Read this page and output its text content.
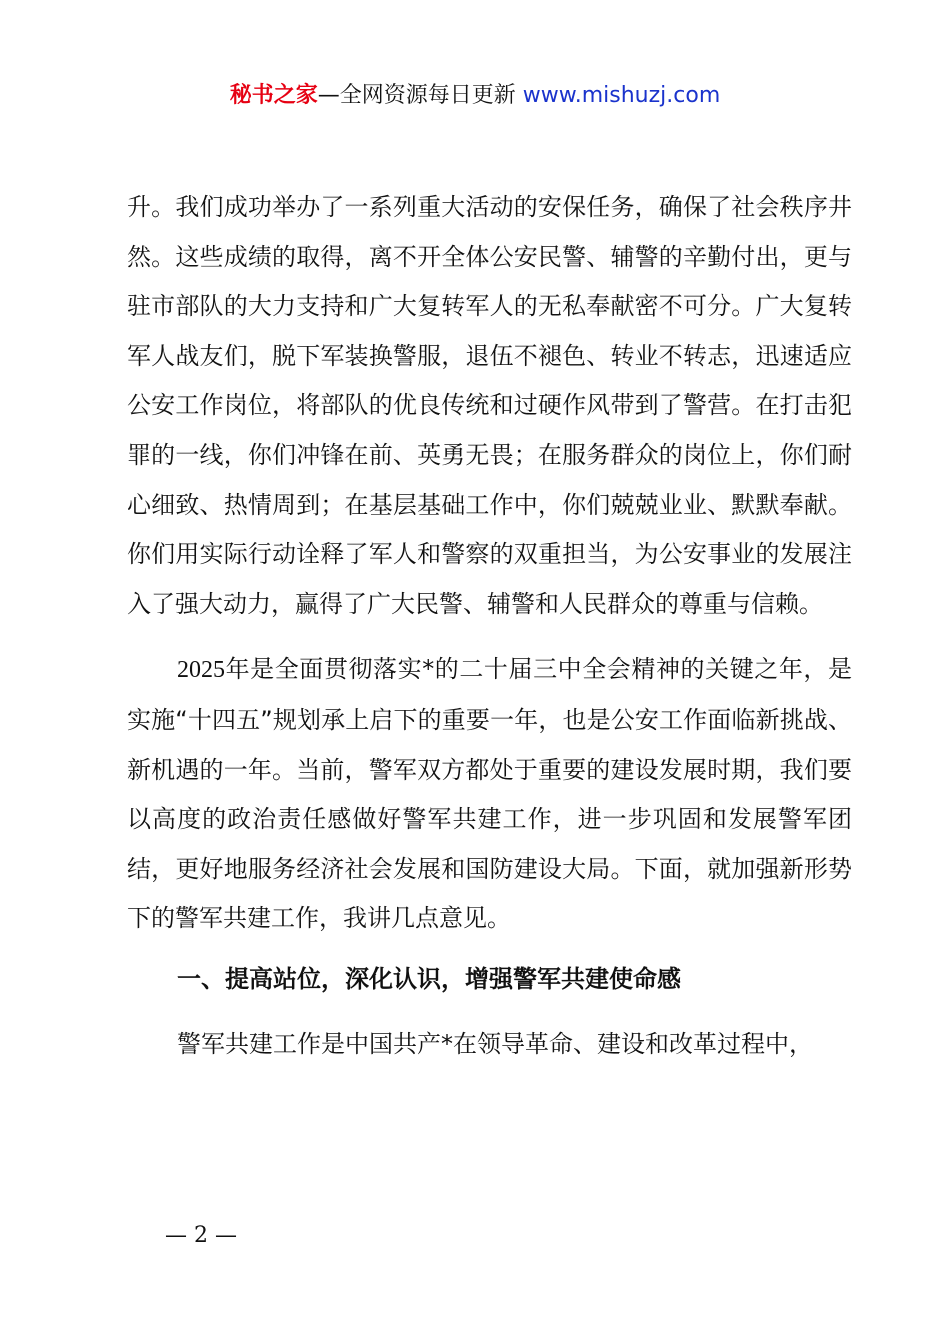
秘书之家—全网资源每日更新 www.mishuzj.com

升。我们成功举办了一系列重大活动的安保任务，确保了社会秩序井然。这些成绩的取得，离不开全体公安民警、辅警的辛勤付出，更与驻市部队的大力支持和广大复转军人的无私奉献密不可分。广大复转军人战友们，脱下军装换警服，退伍不褪色、转业不转志，迅速适应公安工作岗位，将部队的优良传统和过硬作风带到了警营。在打击犯罪的一线，你们冲锋在前、英勇无畏；在服务群众的岗位上，你们耐心细致、热情周到；在基层基础工作中，你们兢兢业业、默默奉献。你们用实际行动诠释了军人和警察的双重担当，为公安事业的发展注入了强大动力，赢得了广大民警、辅警和人民群众的尊重与信赖。

2025年是全面贯彻落实*的二十届三中全会精神的关键之年，是实施“十四五”规划承上启下的重要一年，也是公安工作面临新挑战、新机遇的一年。当前，警军双方都处于重要的建设发展时期，我们要以高度的政治责任感做好警军共建工作，进一步巩固和发展警军团结，更好地服务经济社会发展和国防建设大局。下面，就加强新形势下的警军共建工作，我讲几点意见。

一、提高站位，深化认识，增强警军共建使命感

警军共建工作是中国共产*在领导革命、建设和改革过程中，

— 2 —
